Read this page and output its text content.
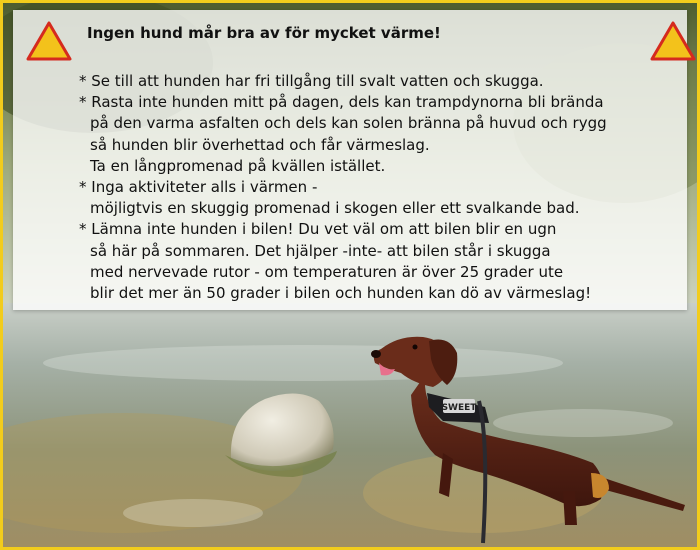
SWEET
Ingen hund mår bra av för mycket värme!
* Se till att hunden har fri tillgång till svalt vatten och skugga.
* Rasta inte hunden mitt på dagen, dels kan trampdynorna bli brända
på den varma asfalten och dels kan solen bränna på huvud och rygg
så hunden blir överhettad och får värmeslag.
Ta en långpromenad på kvällen istället.
* Inga aktiviteter alls i värmen -
möjligtvis en skuggig promenad i skogen eller ett svalkande bad.
* Lämna inte hunden i bilen! Du vet väl om att bilen blir en ugn
så här på sommaren. Det hjälper -inte- att bilen står i skugga
med nervevade rutor - om temperaturen är över 25 grader ute
blir det mer än 50 grader i bilen och hunden kan dö av värmeslag!
